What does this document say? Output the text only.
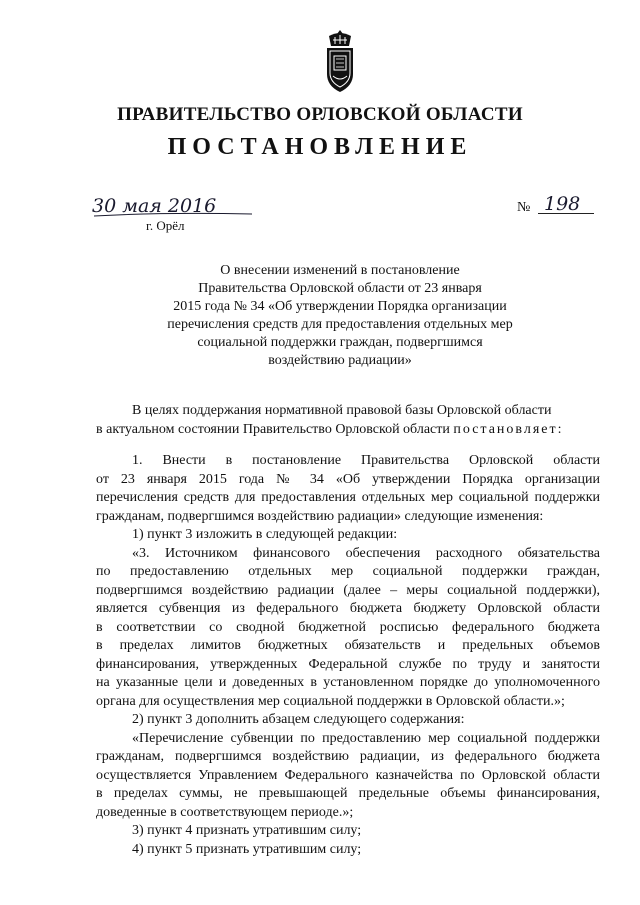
ПРАВИТЕЛЬСТВО ОРЛОВСКОЙ ОБЛАСТИ
ПОСТАНОВЛЕНИЕ
30 мая 2016
г. Орёл
№ 198
О внесении изменений в постановление
Правительства Орловской области от 23 января
2015 года № 34 «Об утверждении Порядка организации
перечисления средств для предоставления отдельных мер
социальной поддержки граждан, подвергшимся
воздействию радиации»
В целях поддержания нормативной правовой базы Орловской области
в актуальном состоянии Правительство Орловской области постановляет:
1. Внести в постановление Правительства Орловской области
от 23 января 2015 года № 34 «Об утверждении Порядка организации
перечисления средств для предоставления отдельных мер социальной поддержки
гражданам, подвергшимся воздействию радиации» следующие изменения:
1) пункт 3 изложить в следующей редакции:
«3. Источником финансового обеспечения расходного обязательства
по предоставлению отдельных мер социальной поддержки граждан,
подвергшимся воздействию радиации (далее – меры социальной поддержки),
является субвенция из федерального бюджета бюджету Орловской области
в соответствии со сводной бюджетной росписью федерального бюджета
в пределах лимитов бюджетных обязательств и предельных объемов
финансирования, утвержденных Федеральной службе по труду и занятости
на указанные цели и доведенных в установленном порядке до уполномоченного
органа для осуществления мер социальной поддержки в Орловской области.»;
2) пункт 3 дополнить абзацем следующего содержания:
«Перечисление субвенции по предоставлению мер социальной поддержки
гражданам, подвергшимся воздействию радиации, из федерального бюджета
осуществляется Управлением Федерального казначейства по Орловской области
в пределах суммы, не превышающей предельные объемы финансирования,
доведенные в соответствующем периоде.»;
3) пункт 4 признать утратившим силу;
4) пункт 5 признать утратившим силу;
